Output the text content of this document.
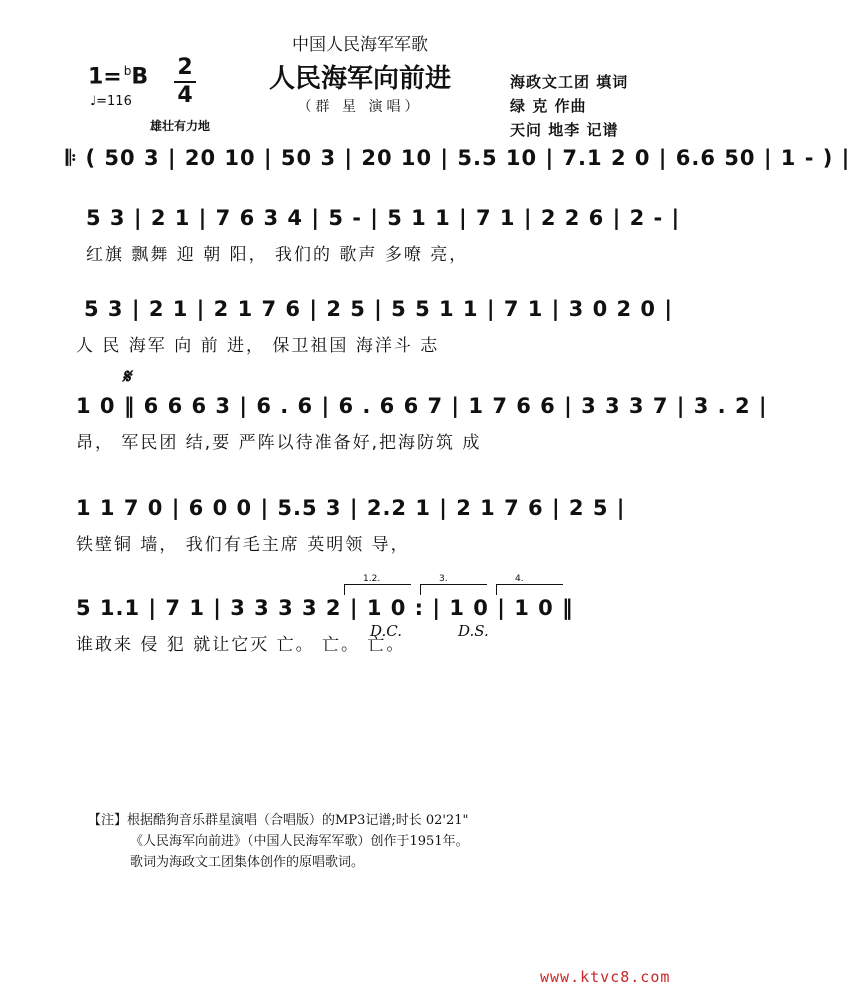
中国人民海军军歌
1= $^b$B 2
4
♩=116
雄壮有力地
人民海军向前进
（群 星 演唱）
海政文工团 填词
绿 克 作曲
天问 地李 记谱
𝄆 ( 50 3 | 20 10 | 50 3 | 20 10 | 5.5 10 | 7.1 2 0 | 6.6 50 | 1 - ) |
5 3 | 2 1 | 7 6 3 4 | 5 - | 5 1 1 | 7 1 | 2 2 6 | 2 - |
红旗 飘舞 迎 朝 阳， 我们的 歌声 多嘹 亮，
5 3 | 2 1 | 2 1 7 6 | 2 5 | 5 5 1 1 | 7 1 | 3 0 2 0 |
人 民 海军 向 前 进， 保卫祖国 海洋斗 志
𝄋
1 0 ‖ 6 6 6 3 | 6 . 6 | 6 . 6 6 7 | 1 7 6 6 | 3 3 3 7 | 3 . 2 |
昂， 军民团 结,要 严阵以待准备好,把海防筑 成
1 1 7 0 | 6 0 0 | 5.5 3 | 2.2 1 | 2 1 7 6 | 2 5 |
铁壁铜 墙， 我们有毛主席 英明领 导，
1.2.	3.	4.
5 1.1 | 7 1 | 3 3 3 3 2 | 1 0 : | 1 0 | 1 0 ‖
谁敢来 侵 犯 就让它灭 亡。 亡。 亡。
D.C.	D.S.
【注】根据酷狗音乐群星演唱（合唱版）的MP3记谱;时长 02'21"
《人民海军向前进》（中国人民海军军歌）创作于1951年。
歌词为海政文工团集体创作的原唱歌词。
www.ktvc8.com
